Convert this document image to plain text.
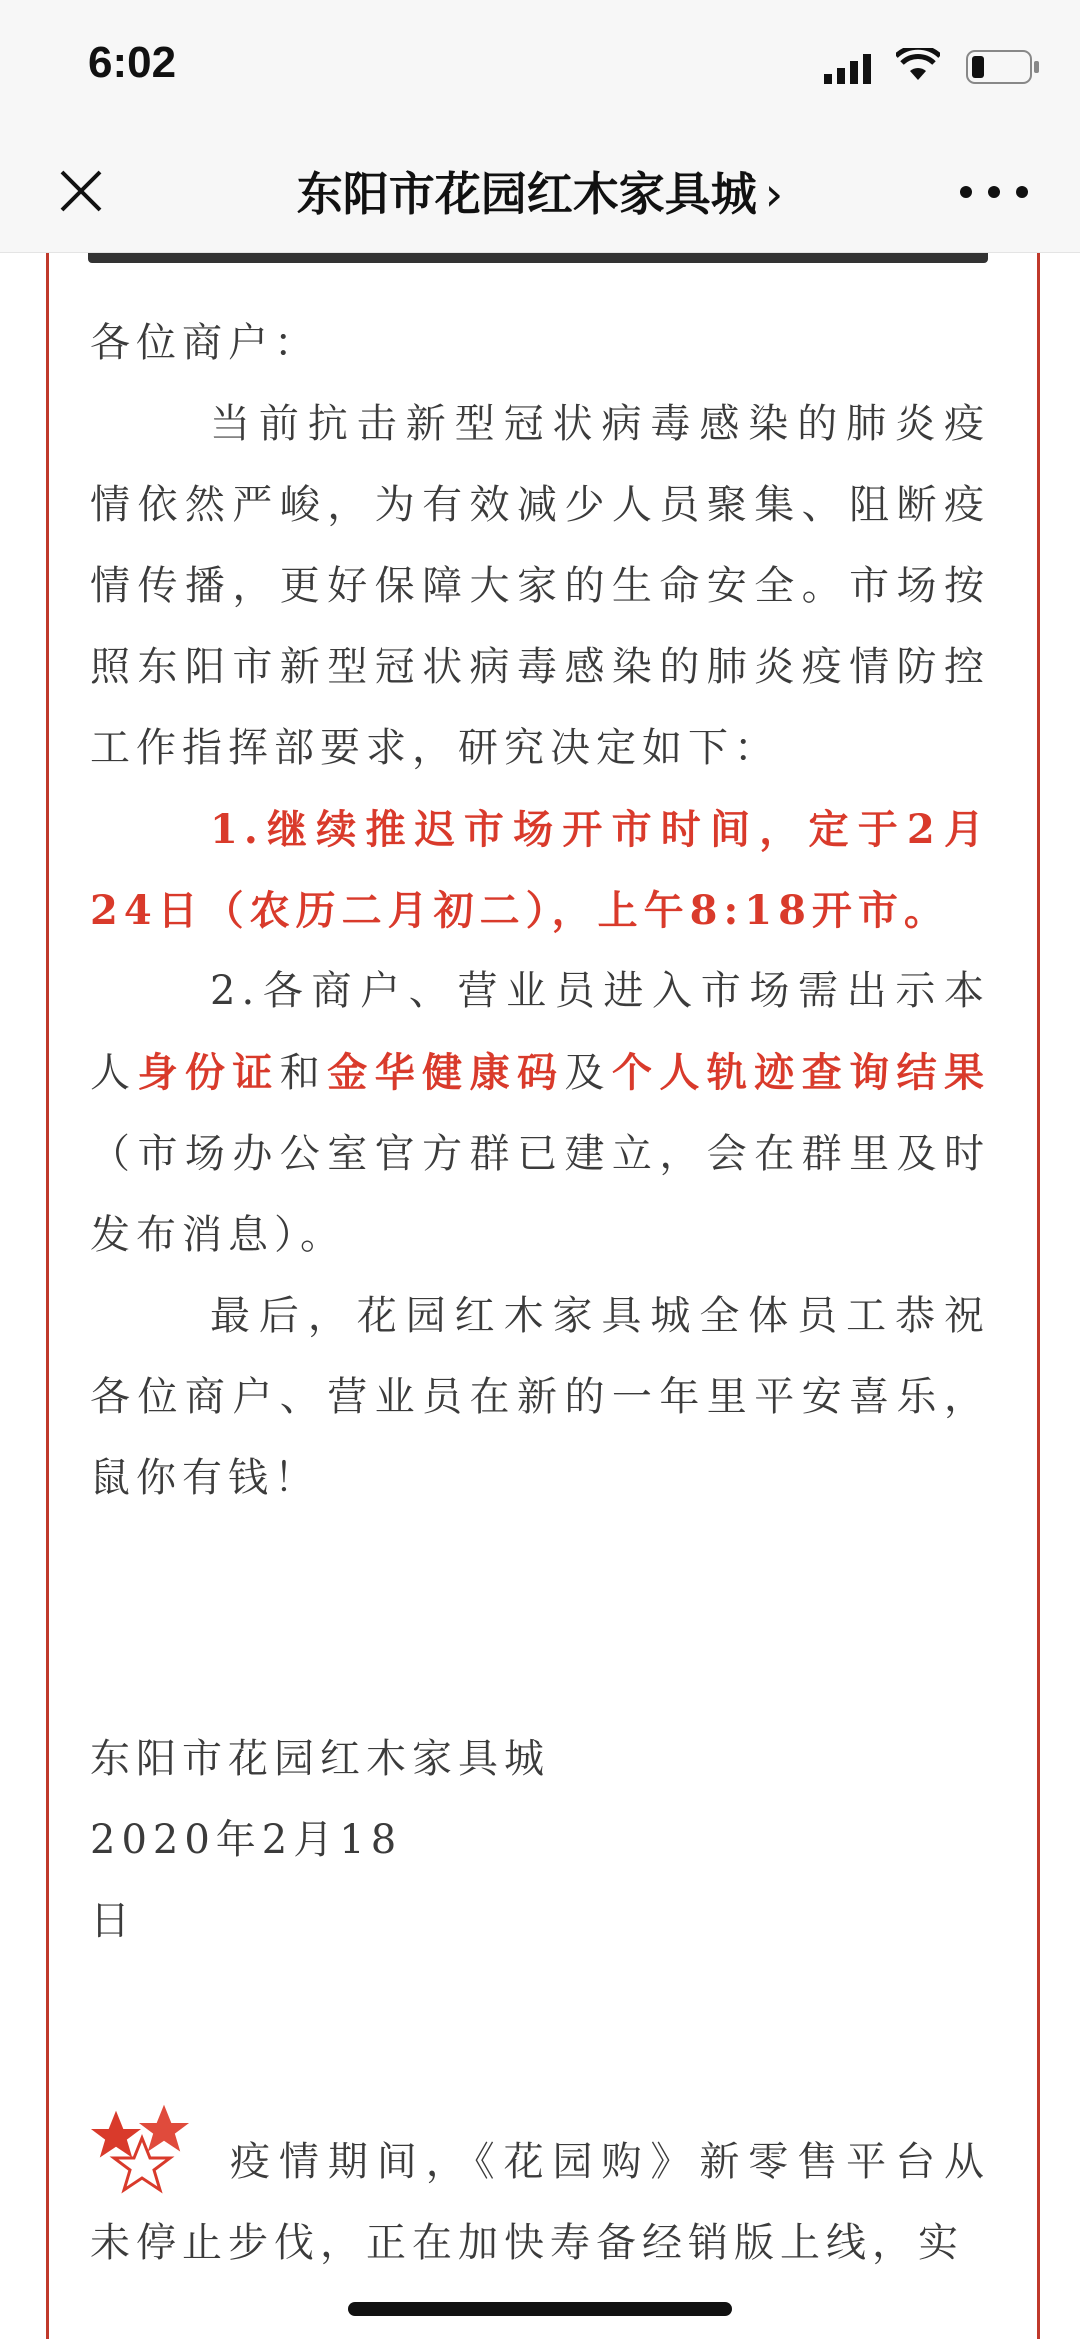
6:02
东阳市花园红木家具城 ›

各位商户：

当前抗击新型冠状病毒感染的肺炎疫情依然严峻，为有效减少人员聚集、阻断疫情传播，更好保障大家的生命安全。市场按照东阳市新型冠状病毒感染的肺炎疫情防控工作指挥部要求，研究决定如下：

1.继续推迟市场开市时间，定于2月24日（农历二月初二），上午8:18开市。

2.各商户、营业员进入市场需出示本人身份证和金华健康码及个人轨迹查询结果（市场办公室官方群已建立，会在群里及时发布消息）。

最后，花园红木家具城全体员工恭祝各位商户、营业员在新的一年里平安喜乐，鼠你有钱！

东阳市花园红木家具城

2020年2月18

日

疫情期间，《花园购》新零售平台从未停止步伐，正在加快寿备经销版上线，实
